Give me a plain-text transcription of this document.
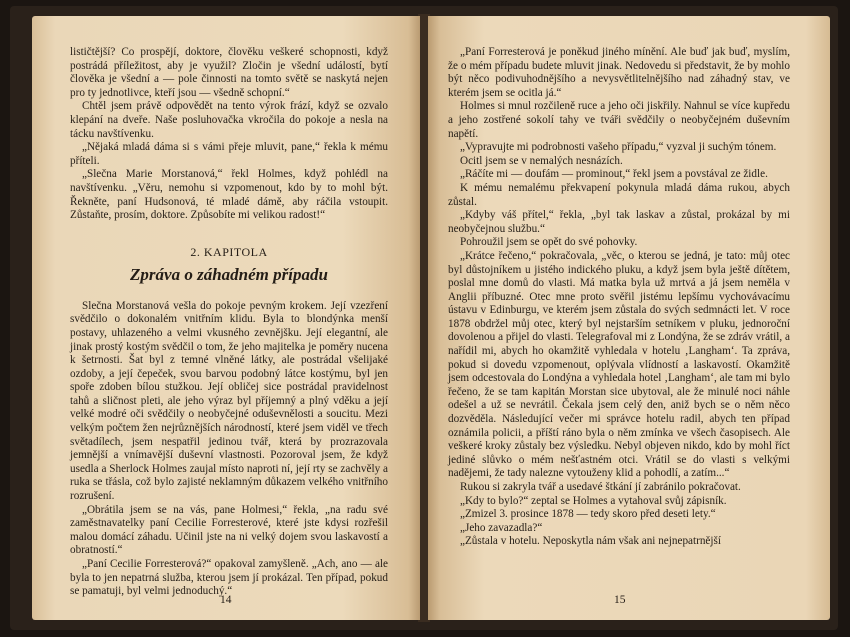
lističtější? Co prospějí, doktore, člověku veškeré schopnosti, když postrádá příležitost, aby je využil? Zločin je všední událostí, bytí člověka je všední a — pole činnosti na tomto světě se naskytá nejen pro ty jednotlivce, kteří jsou — všedně schopní.“

Chtěl jsem právě odpovědět na tento výrok frází, když se ozvalo klepání na dveře. Naše posluhovačka vkročila do pokoje a nesla na tácku navštívenku.

„Nějaká mladá dáma si s vámi přeje mluvit, pane,“ řekla k mému příteli.

„Slečna Marie Morstanová,“ řekl Holmes, když pohlédl na navštívenku. „Věru, nemohu si vzpomenout, kdo by to mohl být. Řekněte, paní Hudsonová, té mladé dámě, aby ráčila vstoupit. Zůstaňte, prosím, doktore. Způsobíte mi velikou radost!“

2. KAPITOLA
Zpráva o záhadném případu

Slečna Morstanová vešla do pokoje pevným krokem. Její vzezření svědčilo o dokonalém vnitřním klidu. Byla to blondýnka menší postavy, uhlazeného a velmi vkusného zevnějšku. Její elegantní, ale jinak prostý kostým svědčil o tom, že jeho majitelka je poměry nucena k šetrnosti. Šat byl z temné vlněné látky, ale postrádal všelijaké ozdoby, a její čepeček, svou barvou podobný látce kostýmu, byl jen spoře zdoben bílou stužkou. Její obličej sice postrádal pravidelnost tahů a sličnost pleti, ale jeho výraz byl příjemný a plný vděku a její velké modré oči svědčily o neobyčejné oduševnělosti a soucitu. Mezi velkým počtem žen nejrůznějších národností, které jsem viděl ve třech světadílech, jsem nespatřil jedinou tvář, která by prozrazovala jemnější a vnímavější duševní vlastnosti. Pozoroval jsem, že když usedla a Sherlock Holmes zaujal místo naproti ní, její rty se zachvěly a ruka se třásla, což bylo zajisté neklamným důkazem velkého vnitřního rozrušení.

„Obrátila jsem se na vás, pane Holmesi,“ řekla, „na radu své zaměstnavatelky paní Cecilie Forresterové, které jste kdysi rozřešil malou domácí záhadu. Učinil jste na ni velký dojem svou laskavostí a obratností.“

„Paní Cecilie Forresterová?“ opakoval zamyšleně. „Ach, ano — ale byla to jen nepatrná služba, kterou jsem jí prokázal. Ten případ, pokud se pamatuji, byl velmi jednoduchý.“

14

„Paní Forresterová je poněkud jiného mínění. Ale buď jak buď, myslím, že o mém případu budete mluvit jinak. Nedovedu si představit, že by mohlo být něco podivuhodnějšího a nevysvětlitelnějšího nad záhadný stav, ve kterém jsem se ocitla já.“

Holmes si mnul rozčileně ruce a jeho oči jiskřily. Nahnul se více kupředu a jeho zostřené sokolí tahy ve tváři svědčily o neobyčejném duševním napětí.

„Vypravujte mi podrobnosti vašeho případu,“ vyzval ji suchým tónem.

Ocitl jsem se v nemalých nesnázích.

„Ráčíte mi — doufám — prominout,“ řekl jsem a povstával ze židle.

K mému nemalému překvapení pokynula mladá dáma rukou, abych zůstal.

„Kdyby váš přítel,“ řekla, „byl tak laskav a zůstal, prokázal by mi neobyčejnou službu.“

Pohroužil jsem se opět do své pohovky.

„Krátce řečeno,“ pokračovala, „věc, o kterou se jedná, je tato: můj otec byl důstojníkem u jistého indického pluku, a když jsem byla ještě dítětem, poslal mne domů do vlasti. Má matka byla už mrtvá a já jsem neměla v Anglii příbuzné. Otec mne proto svěřil jistému lepšímu vychovávacímu ústavu v Edinburgu, ve kterém jsem zůstala do svých sedmnácti let. V roce 1878 obdržel můj otec, který byl nejstarším setníkem v pluku, jednoroční dovolenou a přijel do vlasti. Telegrafoval mi z Londýna, že se zdráv vrátil, a nařídil mi, abych ho okamžitě vyhledala v hotelu ‚Langham‘. Ta zpráva, pokud si dovedu vzpomenout, oplývala vlídností a laskavostí. Okamžitě jsem odcestovala do Londýna a vyhledala hotel ‚Langham‘, ale tam mi bylo řečeno, že se tam kapitán Morstan sice ubytoval, ale že minulé noci náhle odešel a už se nevrátil. Čekala jsem celý den, aniž bych se o něm něco dozvěděla. Následující večer mi správce hotelu radil, abych ten případ oznámila policii, a příští ráno byla o něm zmínka ve všech časopisech. Ale veškeré kroky zůstaly bez výsledku. Nebyl objeven nikdo, kdo by mohl říct jediné slůvko o mém nešťastném otci. Vrátil se do vlasti s velkými nadějemi, že tady nalezne vytouženy klid a pohodlí, a zatím...“

Rukou si zakryla tvář a usedavé štkání jí zabránilo pokračovat.

„Kdy to bylo?“ zeptal se Holmes a vytahoval svůj zápisník.

„Zmizel 3. prosince 1878 — tedy skoro před deseti lety.“

„Jeho zavazadla?“

„Zůstala v hotelu. Neposkytla nám však ani nejnepatrnější

15
